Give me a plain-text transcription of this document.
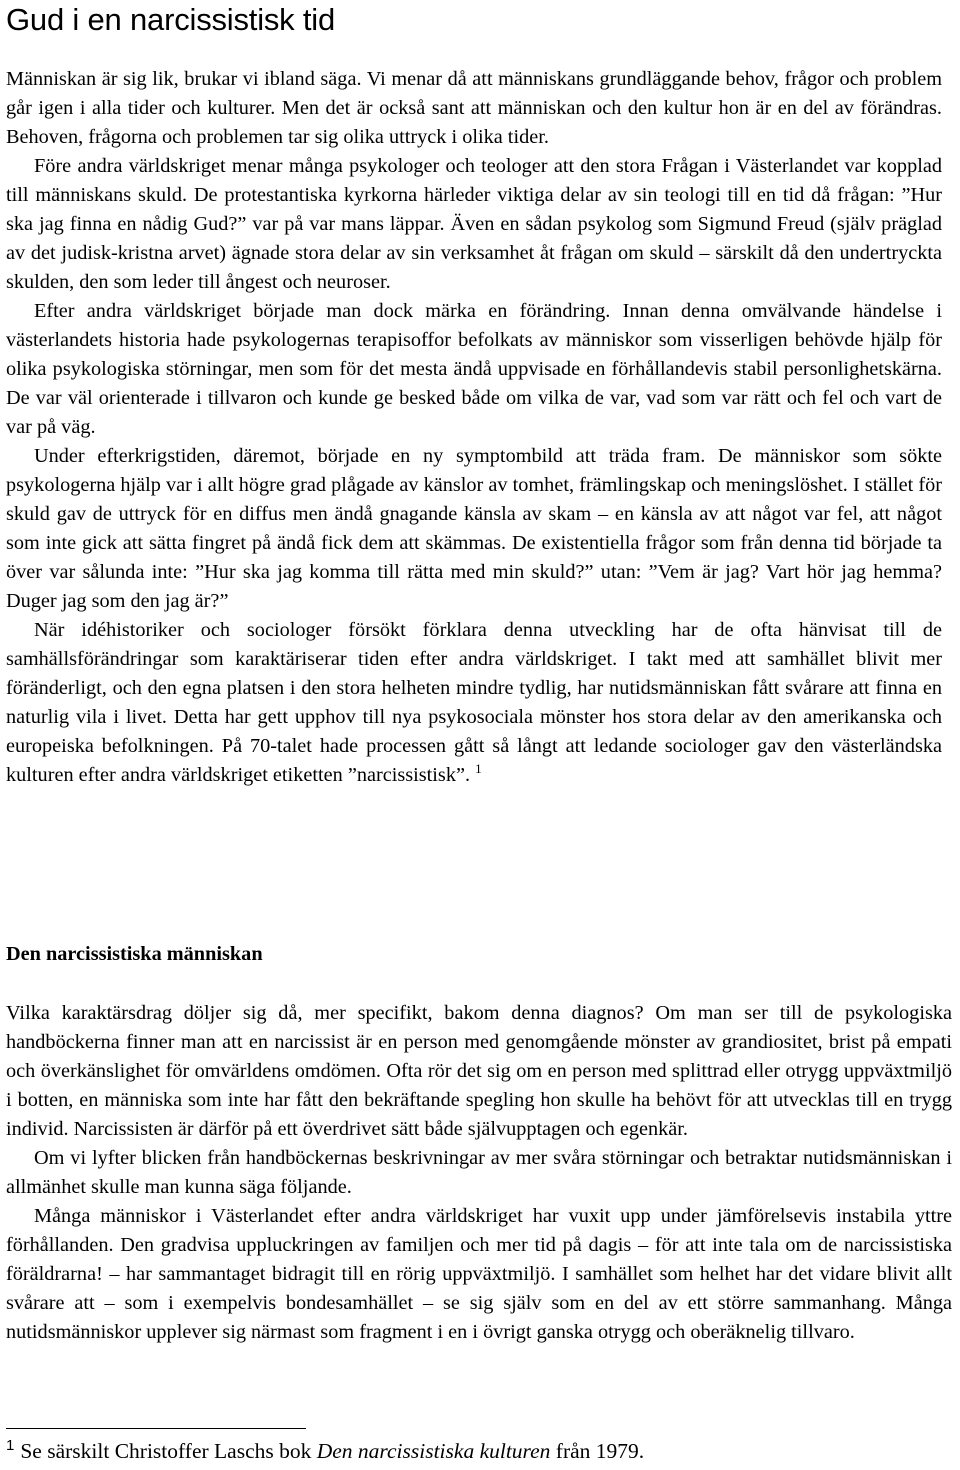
Gud i en narcissistisk tid

Människan är sig lik, brukar vi ibland säga. Vi menar då att människans grundläggande behov, frågor och problem går igen i alla tider och kulturer. Men det är också sant att människan och den kultur hon är en del av förändras. Behoven, frågorna och problemen tar sig olika uttryck i olika tider.

Före andra världskriget menar många psykologer och teologer att den stora Frågan i Västerlandet var kopplad till människans skuld. De protestantiska kyrkorna härleder viktiga delar av sin teologi till en tid då frågan: ”Hur ska jag finna en nådig Gud?” var på var mans läppar. Även en sådan psykolog som Sigmund Freud (själv präglad av det judisk-kristna arvet) ägnade stora delar av sin verksamhet åt frågan om skuld – särskilt då den undertryckta skulden, den som leder till ångest och neuroser.

Efter andra världskriget började man dock märka en förändring. Innan denna omvälvande händelse i västerlandets historia hade psykologernas terapisoffor befolkats av människor som visserligen behövde hjälp för olika psykologiska störningar, men som för det mesta ändå uppvisade en förhållandevis stabil personlighetskärna. De var väl orienterade i tillvaron och kunde ge besked både om vilka de var, vad som var rätt och fel och vart de var på väg.

Under efterkrigstiden, däremot, började en ny symptombild att träda fram. De människor som sökte psykologerna hjälp var i allt högre grad plågade av känslor av tomhet, främlingskap och meningslöshet. I stället för skuld gav de uttryck för en diffus men ändå gnagande känsla av skam – en känsla av att något var fel, att något som inte gick att sätta fingret på ändå fick dem att skämmas. De existentiella frågor som från denna tid började ta över var sålunda inte: ”Hur ska jag komma till rätta med min skuld?” utan: ”Vem är jag? Vart hör jag hemma? Duger jag som den jag är?”

När idéhistoriker och sociologer försökt förklara denna utveckling har de ofta hänvisat till de samhällsförändringar som karaktäriserar tiden efter andra världskriget. I takt med att samhället blivit mer föränderligt, och den egna platsen i den stora helheten mindre tydlig, har nutidsmänniskan fått svårare att finna en naturlig vila i livet. Detta har gett upphov till nya psykosociala mönster hos stora delar av den amerikanska och europeiska befolkningen. På 70-talet hade processen gått så långt att ledande sociologer gav den västerländska kulturen efter andra världskriget etiketten ”narcissistisk”. $^1$

Den narcissistiska människan

Vilka karaktärsdrag döljer sig då, mer specifikt, bakom denna diagnos? Om man ser till de psykologiska handböckerna finner man att en narcissist är en person med genomgående mönster av grandiositet, brist på empati och överkänslighet för omvärldens omdömen. Ofta rör det sig om en person med splittrad eller otrygg uppväxtmiljö i botten, en människa som inte har fått den bekräftande spegling hon skulle ha behövt för att utvecklas till en trygg individ. Narcissisten är därför på ett överdrivet sätt både självupptagen och egenkär.

Om vi lyfter blicken från handböckernas beskrivningar av mer svåra störningar och betraktar nutidsmänniskan i allmänhet skulle man kunna säga följande.

Många människor i Västerlandet efter andra världskriget har vuxit upp under jämförelsevis instabila yttre förhållanden. Den gradvisa uppluckringen av familjen och mer tid på dagis – för att inte tala om de narcissistiska föräldrarna! – har sammantaget bidragit till en rörig uppväxtmiljö. I samhället som helhet har det vidare blivit allt svårare att – som i exempelvis bondesamhället – se sig själv som en del av ett större sammanhang. Många nutidsmänniskor upplever sig närmast som fragment i en i övrigt ganska otrygg och oberäknelig tillvaro.

$^1$ Se särskilt Christoffer Laschs bok Den narcissistiska kulturen från 1979.
